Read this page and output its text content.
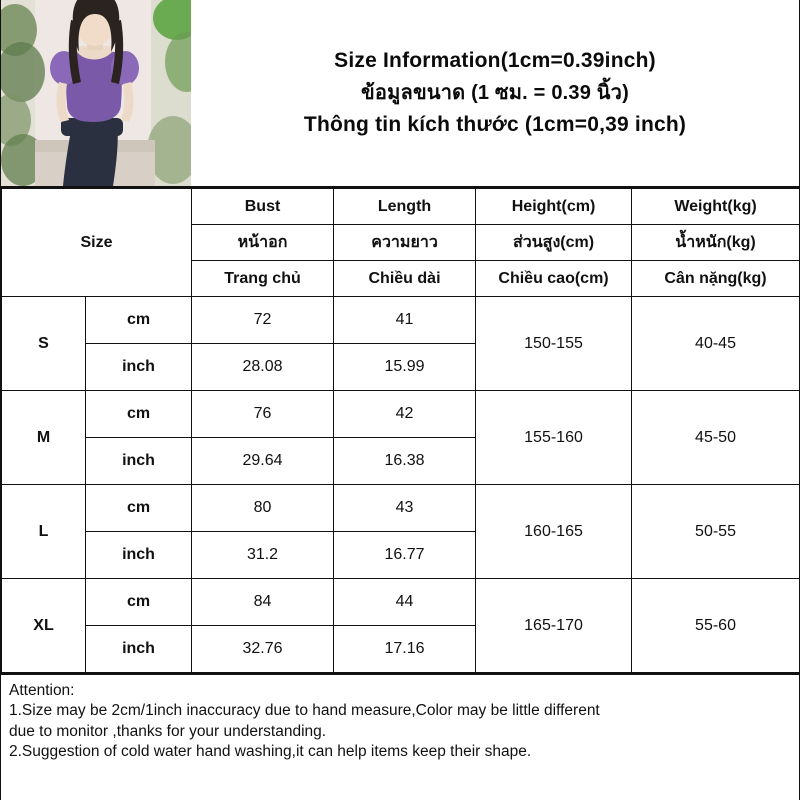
Size Information(1cm=0.39inch)
ข้อมูลขนาด (1 ซม. = 0.39 นิ้ว)
Thông tin kích thước (1cm=0,39 inch)
Size		Bust	Length	Height(cm)	Weight(kg)
		หน้าอก	ความยาว	ส่วนสูง(cm)	น้ำหนัก(kg)
		Trang chủ	Chiều dài	Chiều cao(cm)	Cân nặng(kg)
S	cm	72	41	150-155	40-45
	inch	28.08	15.99		
M	cm	76	42	155-160	45-50
	inch	29.64	16.38		
L	cm	80	43	160-165	50-55
	inch	31.2	16.77		
XL	cm	84	44	165-170	55-60
	inch	32.76	17.16		

Attention:

1.Size may be 2cm/1inch inaccuracy due to hand measure,Color may be little different

due to monitor ,thanks for your understanding.

2.Suggestion of cold water hand washing,it can help items keep their shape.
